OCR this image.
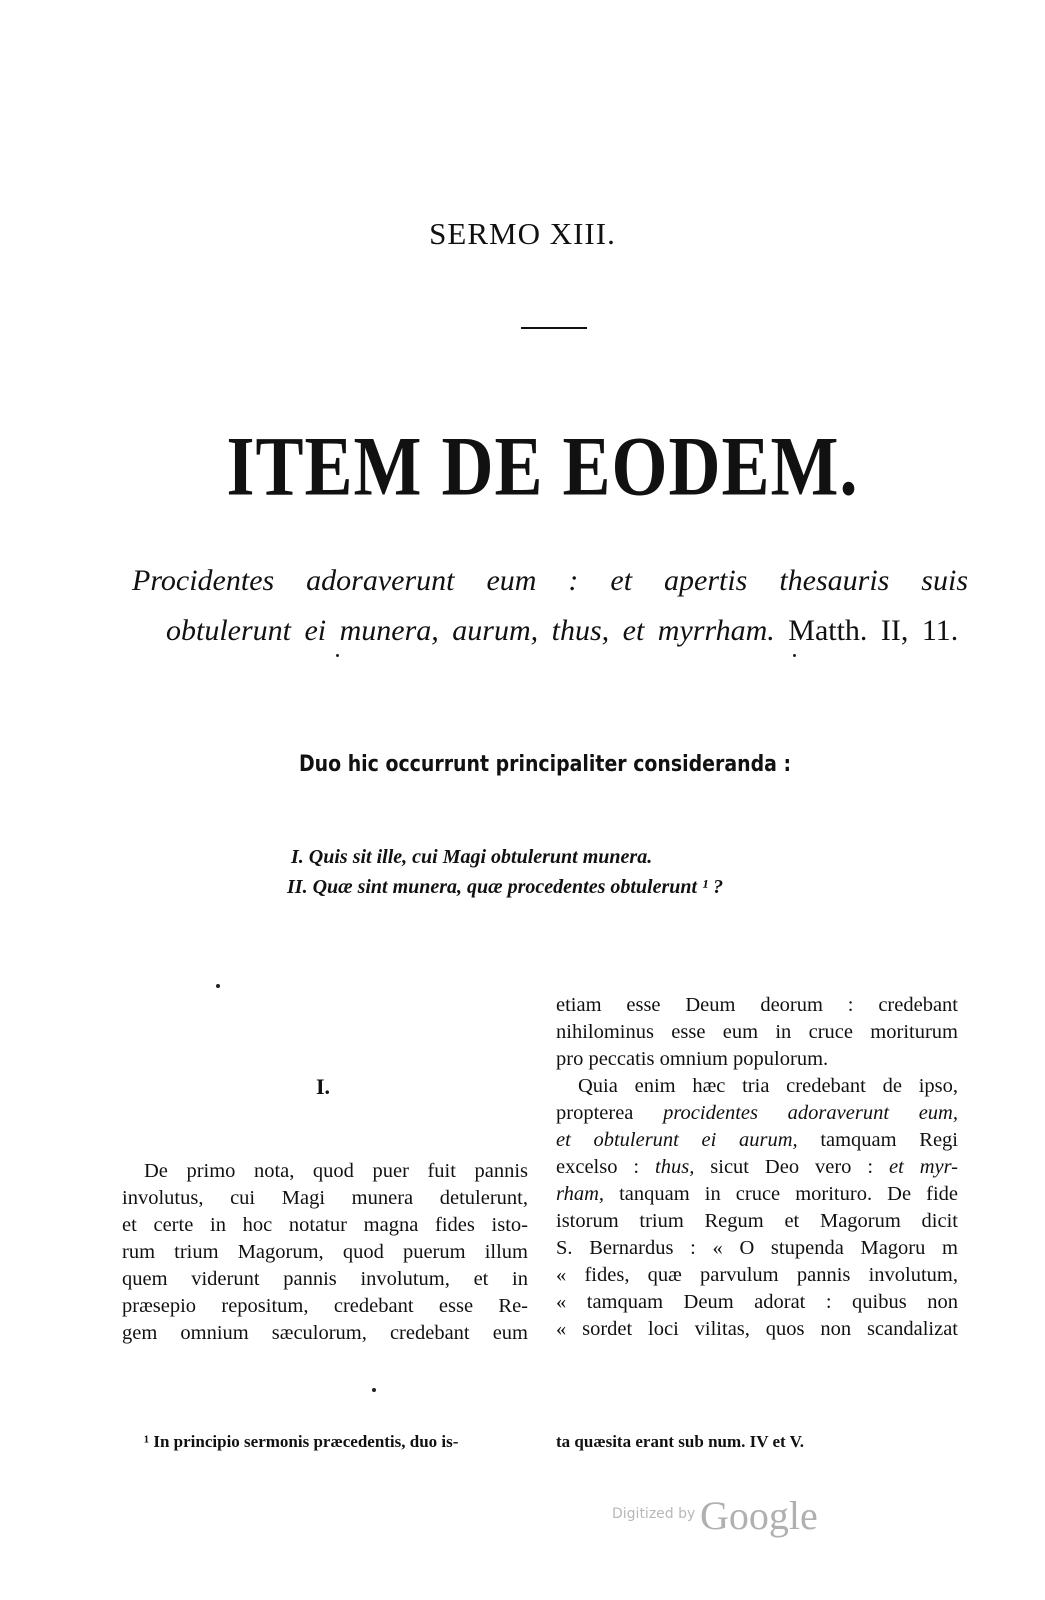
SERMO XIII.
ITEM DE EODEM.
Procidentes adoraverunt eum : et apertis thesauris suis obtulerunt ei munera, aurum, thus, et myrrham. Matth. II, 11.
Duo hic occurrunt principaliter consideranda :
I. Quis sit ille, cui Magi obtulerunt munera.
II. Quæ sint munera, quæ procedentes obtulerunt ¹ ?
I.
De primo nota, quod puer fuit pannis
involutus, cui Magi munera detulerunt,
et certe in hoc notatur magna fides isto-
rum trium Magorum, quod puerum illum
quem viderunt pannis involutum, et in
præsepio repositum, credebant esse Re-
gem omnium sæculorum, credebant eum
etiam esse Deum deorum : credebant
nihilominus esse eum in cruce moriturum
pro peccatis omnium populorum.
Quia enim hæc tria credebant de ipso,
propterea procidentes adoraverunt eum,
et obtulerunt ei aurum, tamquam Regi
excelso : thus, sicut Deo vero : et myr-
rham, tanquam in cruce morituro. De fide
istorum trium Regum et Magorum dicit
S. Bernardus : « O stupenda Magoru m
« fides, quæ parvulum pannis involutum,
« tamquam Deum adorat : quibus non
« sordet loci vilitas, quos non scandalizat
¹ In principio sermonis præcedentis, duo is-	ta quæsita erant sub num. IV et V.
Digitized by Google
